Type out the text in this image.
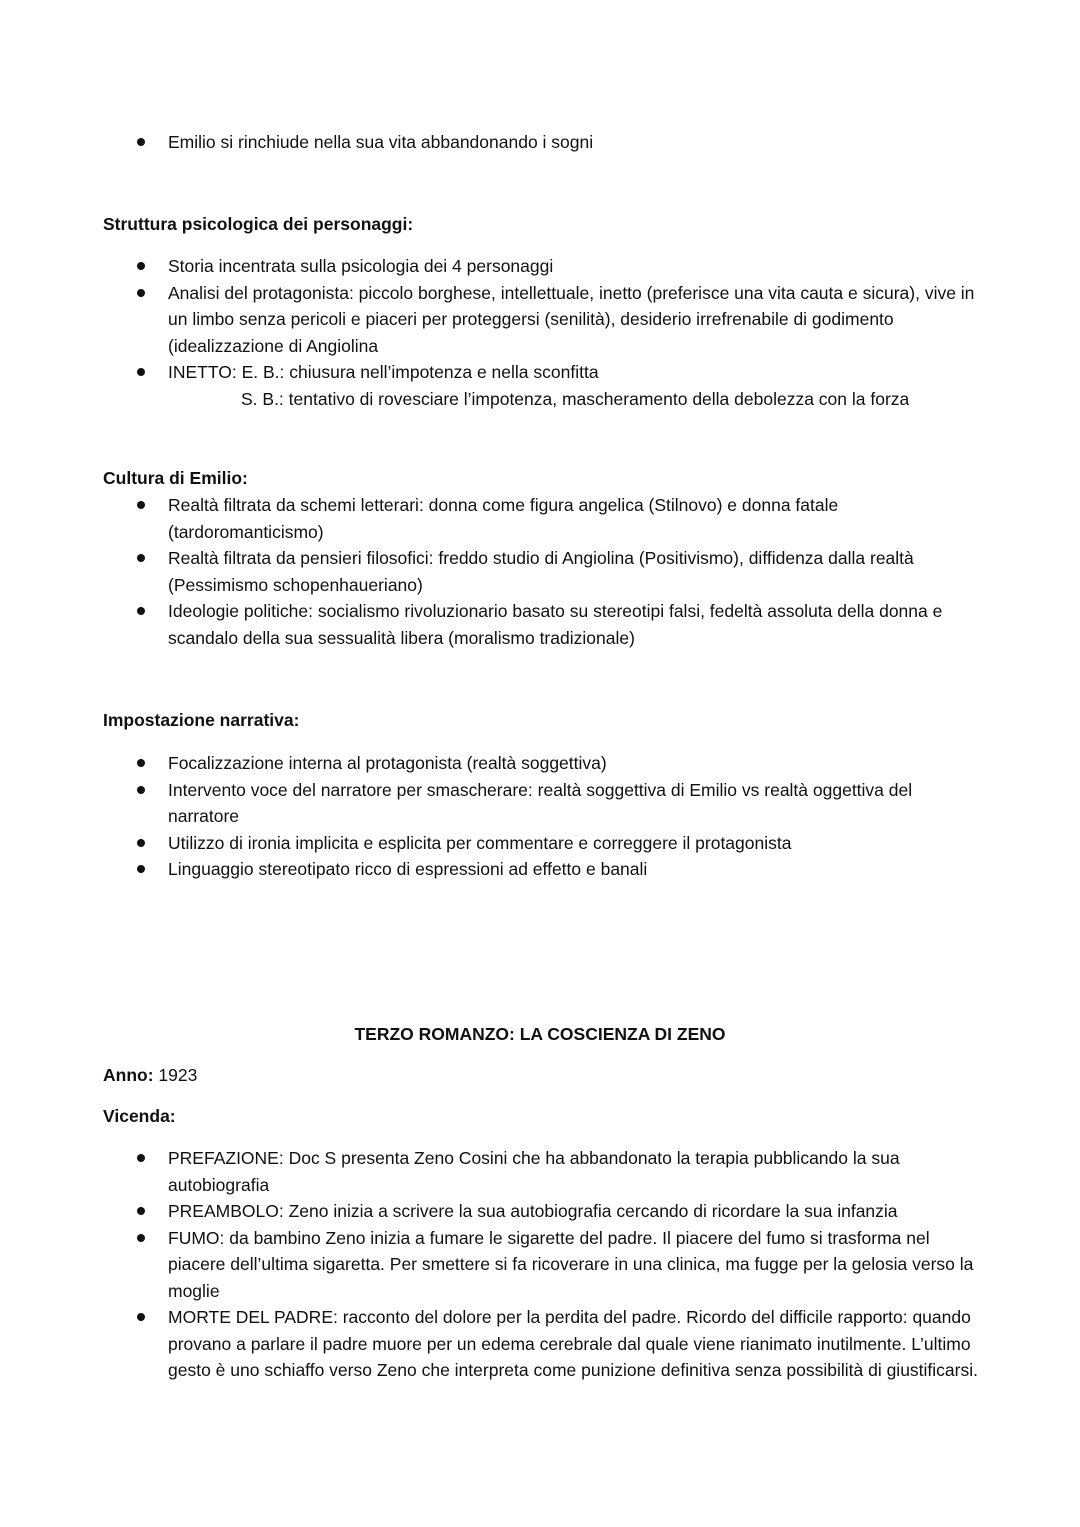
Emilio si rinchiude nella sua vita abbandonando i sogni

Struttura psicologica dei personaggi:

Storia incentrata sulla psicologia dei 4 personaggi
Analisi del protagonista: piccolo borghese, intellettuale, inetto (preferisce una vita cauta e sicura), vive in un limbo senza pericoli e piaceri per proteggersi (senilità), desiderio irrefrenabile di godimento (idealizzazione di Angiolina
INETTO: E. B.: chiusura nell’impotenza e nella sconfitta
S. B.: tentativo di rovesciare l’impotenza, mascheramento della debolezza con la forza

Cultura di Emilio:

Realtà filtrata da schemi letterari: donna come figura angelica (Stilnovo) e donna fatale (tardoromanticismo)
Realtà filtrata da pensieri filosofici: freddo studio di Angiolina (Positivismo), diffidenza dalla realtà (Pessimismo schopenhaueriano)
Ideologie politiche: socialismo rivoluzionario basato su stereotipi falsi, fedeltà assoluta della donna e scandalo della sua sessualità libera (moralismo tradizionale)

Impostazione narrativa:

Focalizzazione interna al protagonista (realtà soggettiva)
Intervento voce del narratore per smascherare: realtà soggettiva di Emilio vs realtà oggettiva del narratore
Utilizzo di ironia implicita e esplicita per commentare e correggere il protagonista
Linguaggio stereotipato ricco di espressioni ad effetto e banali

TERZO ROMANZO: LA COSCIENZA DI ZENO

Anno: 1923

Vicenda:

PREFAZIONE: Doc S presenta Zeno Cosini che ha abbandonato la terapia pubblicando la sua autobiografia
PREAMBOLO: Zeno inizia a scrivere la sua autobiografia cercando di ricordare la sua infanzia
FUMO: da bambino Zeno inizia a fumare le sigarette del padre. Il piacere del fumo si trasforma nel piacere dell’ultima sigaretta. Per smettere si fa ricoverare in una clinica, ma fugge per la gelosia verso la moglie
MORTE DEL PADRE: racconto del dolore per la perdita del padre. Ricordo del difficile rapporto: quando provano a parlare il padre muore per un edema cerebrale dal quale viene rianimato inutilmente. L’ultimo gesto è uno schiaffo verso Zeno che interpreta come punizione definitiva senza possibilità di giustificarsi.
